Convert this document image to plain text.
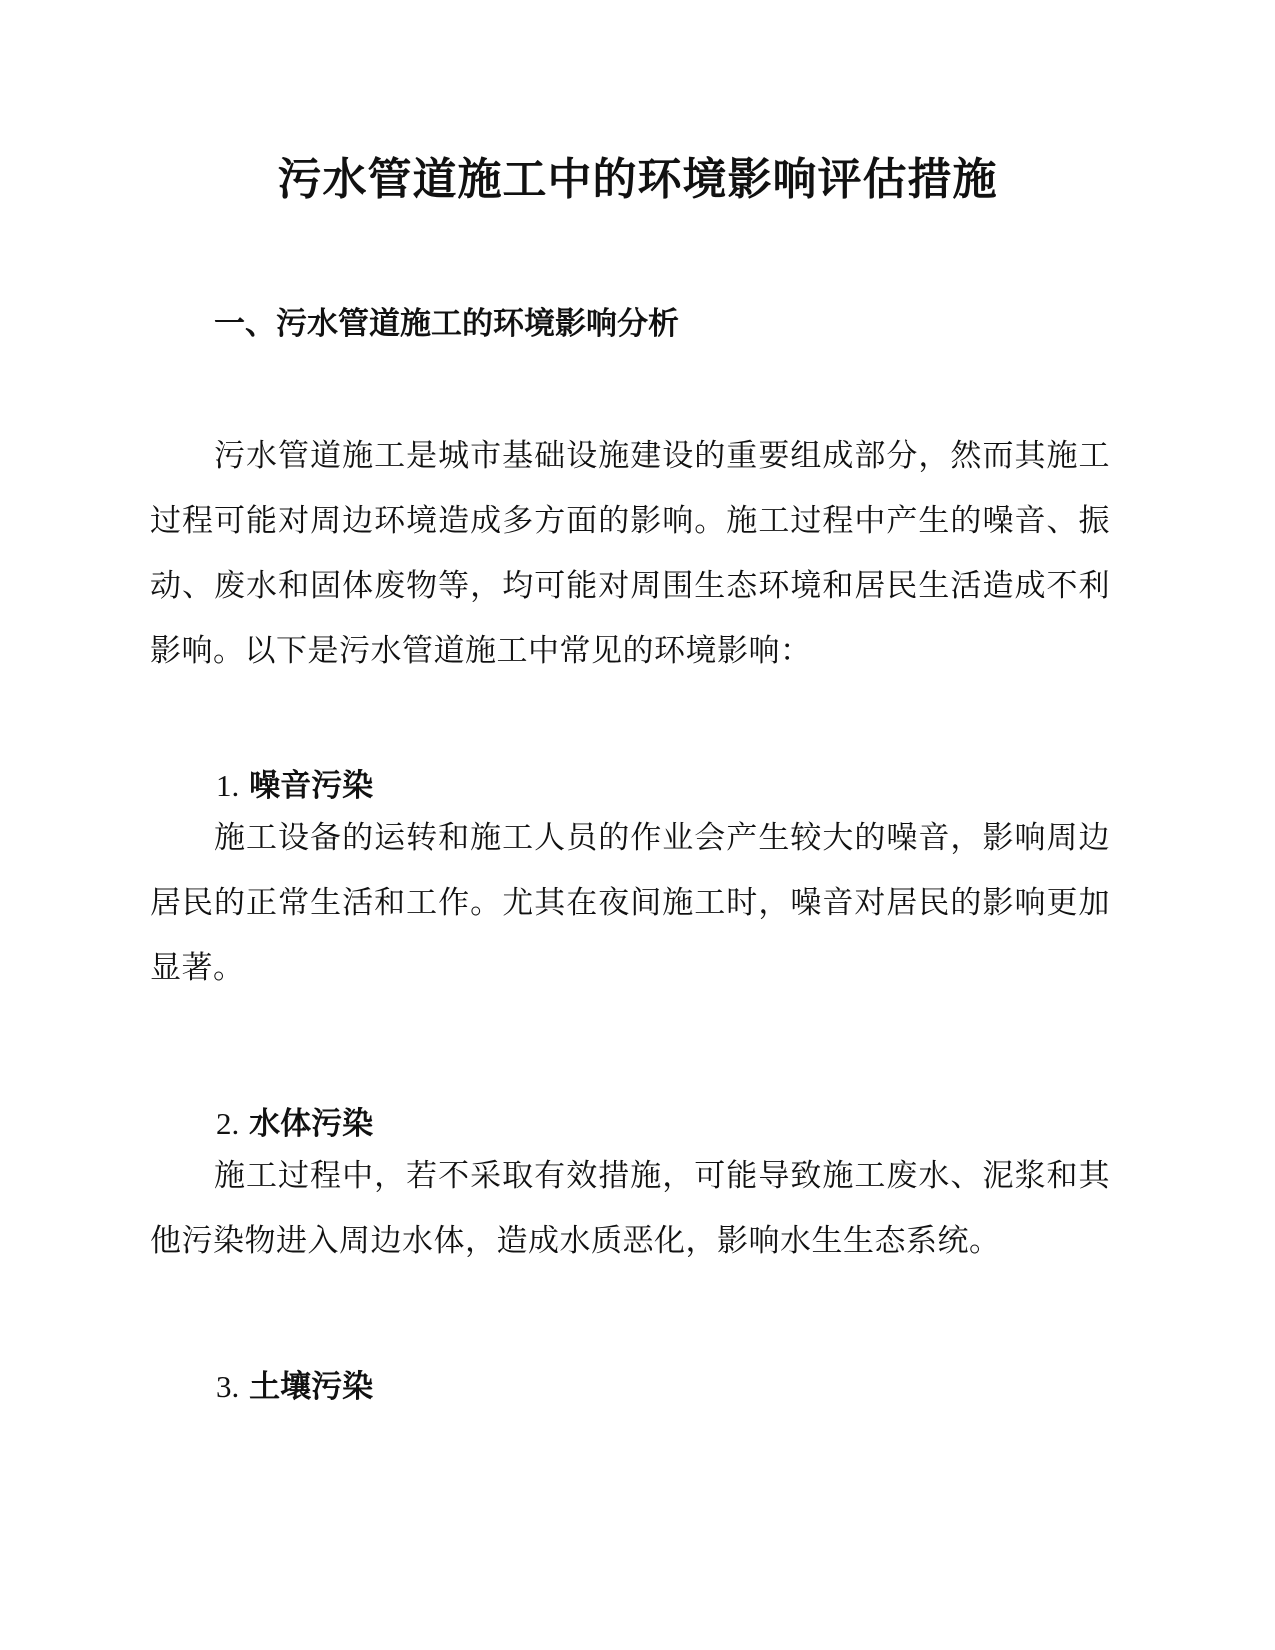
污水管道施工中的环境影响评估措施
一、污水管道施工的环境影响分析

污水管道施工是城市基础设施建设的重要组成部分，然而其施工过程可能对周边环境造成多方面的影响。施工过程中产生的噪音、振动、废水和固体废物等，均可能对周围生态环境和居民生活造成不利影响。以下是污水管道施工中常见的环境影响：

1. 噪音污染

施工设备的运转和施工人员的作业会产生较大的噪音，影响周边居民的正常生活和工作。尤其在夜间施工时，噪音对居民的影响更加显著。

2. 水体污染

施工过程中，若不采取有效措施，可能导致施工废水、泥浆和其他污染物进入周边水体，造成水质恶化，影响水生生态系统。

3. 土壤污染
